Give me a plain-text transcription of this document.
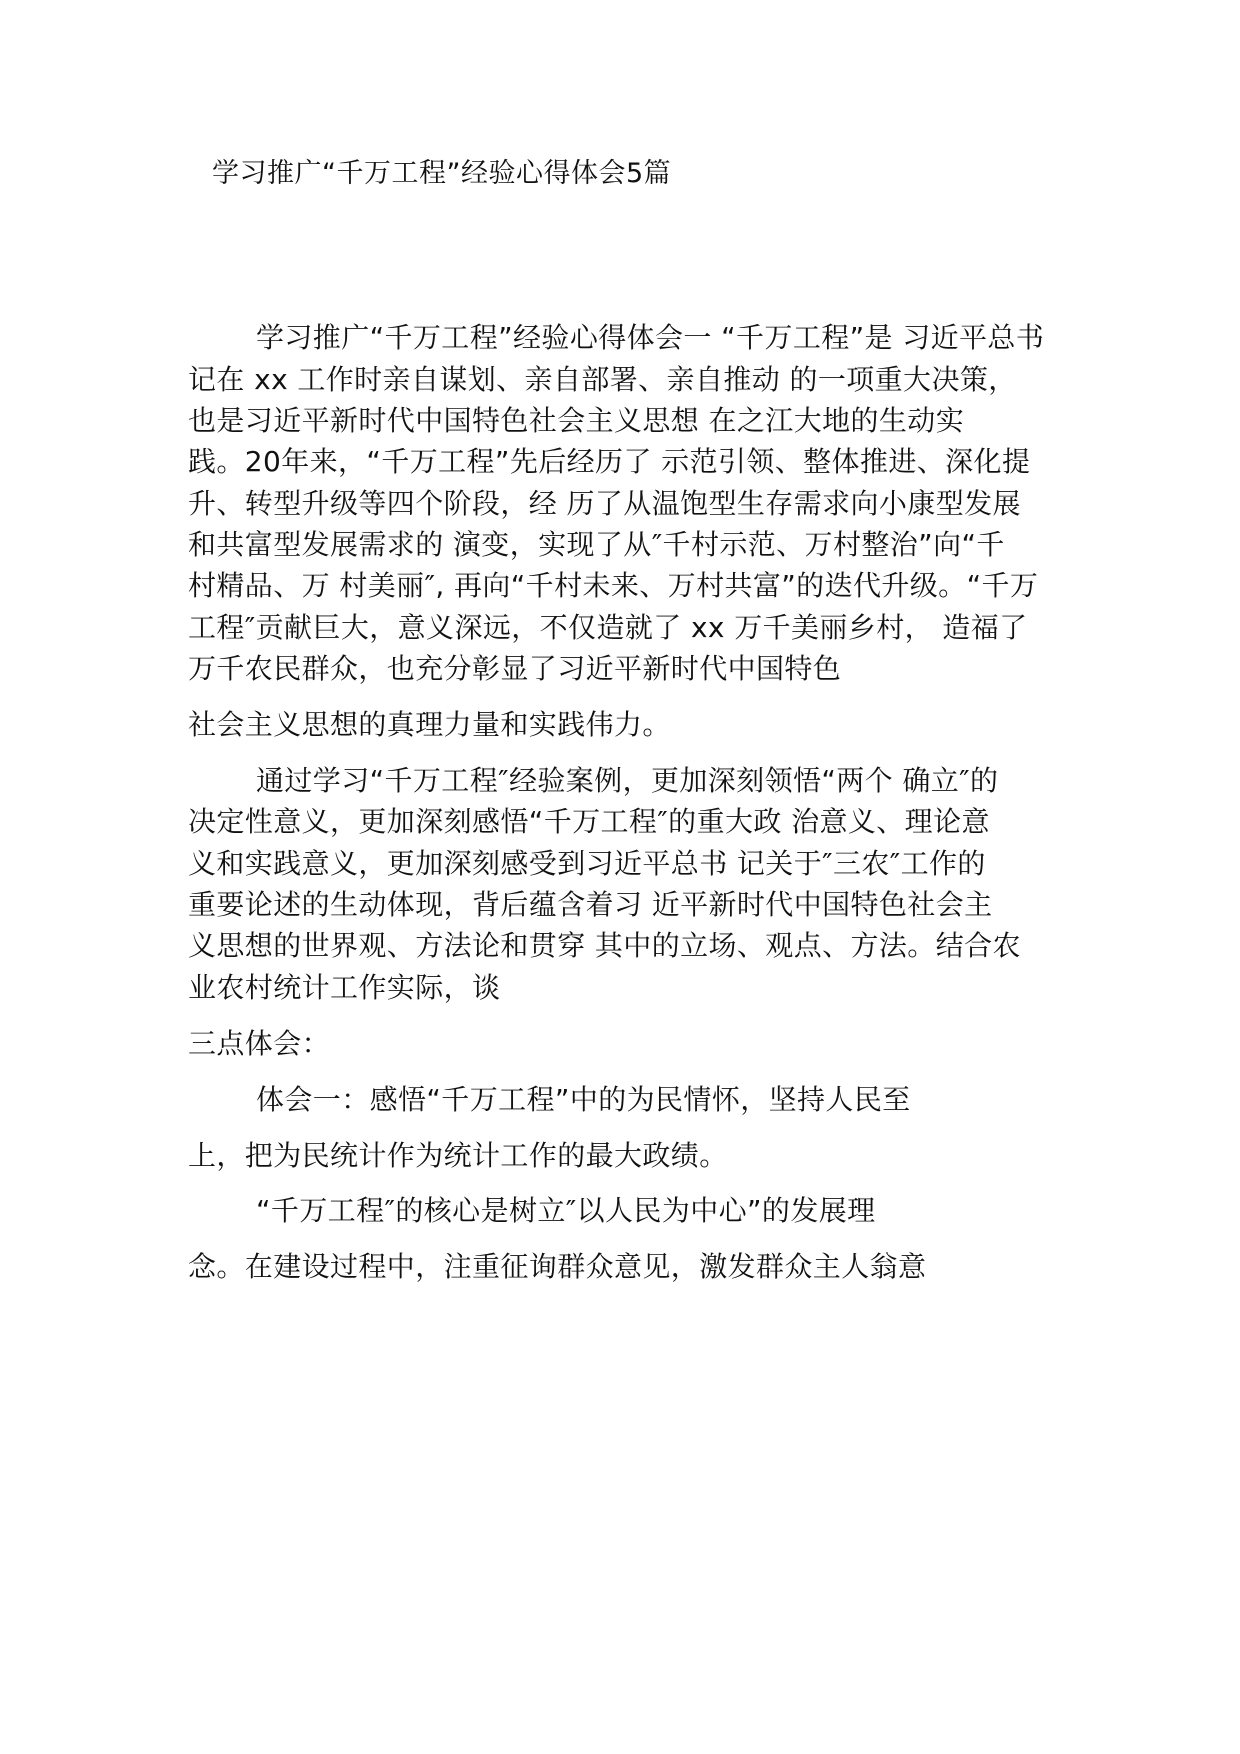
学习推广“千万工程”经验心得体会5篇
学习推广“千万工程”经验心得体会一 “千万工程”是 习近平总书
记在 xx 工作时亲自谋划、亲自部署、亲自推动 的一项重大决策，
也是习近平新时代中国特色社会主义思想 在之江大地的生动实
践。20年来，“千万工程”先后经历了 示范引领、整体推进、深化提
升、转型升级等四个阶段，经 历了从温饱型生存需求向小康型发展
和共富型发展需求的 演变，实现了从″千村示范、万村整治”向“千
村精品、万 村美丽″, 再向“千村未来、万村共富”的迭代升级。“千万
工程″贡献巨大，意义深远，不仅造就了 xx 万千美丽乡村， 造福了
万千农民群众，也充分彰显了习近平新时代中国特色
社会主义思想的真理力量和实践伟力。
通过学习“千万工程″经验案例，更加深刻领悟“两个 确立″的
决定性意义，更加深刻感悟“千万工程″的重大政 治意义、理论意
义和实践意义，更加深刻感受到习近平总书 记关于″三农″工作的
重要论述的生动体现，背后蕴含着习 近平新时代中国特色社会主
义思想的世界观、方法论和贯穿 其中的立场、观点、方法。结合农
业农村统计工作实际，谈
三点体会：
体会一：感悟“千万工程”中的为民情怀，坚持人民至
上，把为民统计作为统计工作的最大政绩。
“千万工程″的核心是树立″以人民为中心”的发展理
念。在建设过程中，注重征询群众意见，激发群众主人翁意
